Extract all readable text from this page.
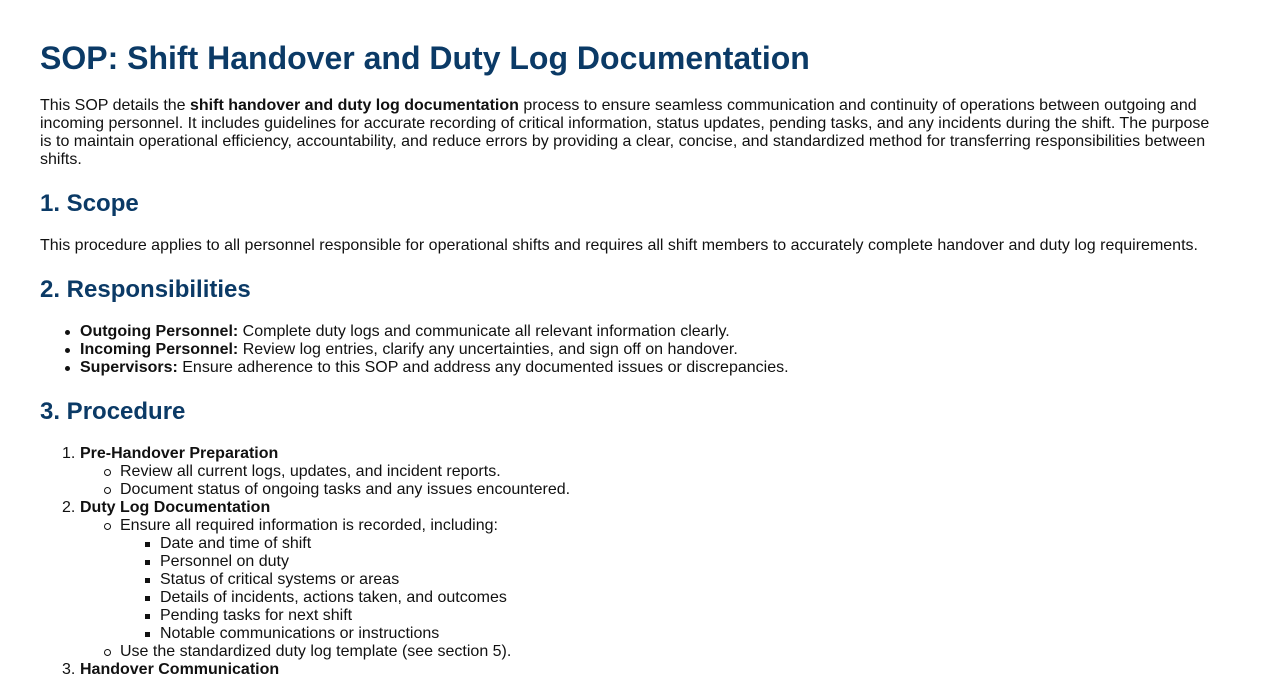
SOP: Shift Handover and Duty Log Documentation

This SOP details the shift handover and duty log documentation process to ensure seamless communication and continuity of operations between outgoing and

incoming personnel. It includes guidelines for accurate recording of critical information, status updates, pending tasks, and any incidents during the shift. The purpose

is to maintain operational efficiency, accountability, and reduce errors by providing a clear, concise, and standardized method for transferring responsibilities between

shifts.

1. Scope

This procedure applies to all personnel responsible for operational shifts and requires all shift members to accurately complete handover and duty log requirements.

2. Responsibilities
Outgoing Personnel: Complete duty logs and communicate all relevant information clearly.
Incoming Personnel: Review log entries, clarify any uncertainties, and sign off on handover.
Supervisors: Ensure adherence to this SOP and address any documented issues or discrepancies.
3. Procedure
1. Pre-Handover Preparation
Review all current logs, updates, and incident reports.
Document status of ongoing tasks and any issues encountered.
2. Duty Log Documentation
Ensure all required information is recorded, including:
Date and time of shift
Personnel on duty
Status of critical systems or areas
Details of incidents, actions taken, and outcomes
Pending tasks for next shift
Notable communications or instructions
Use the standardized duty log template (see section 5).
3. Handover Communication
